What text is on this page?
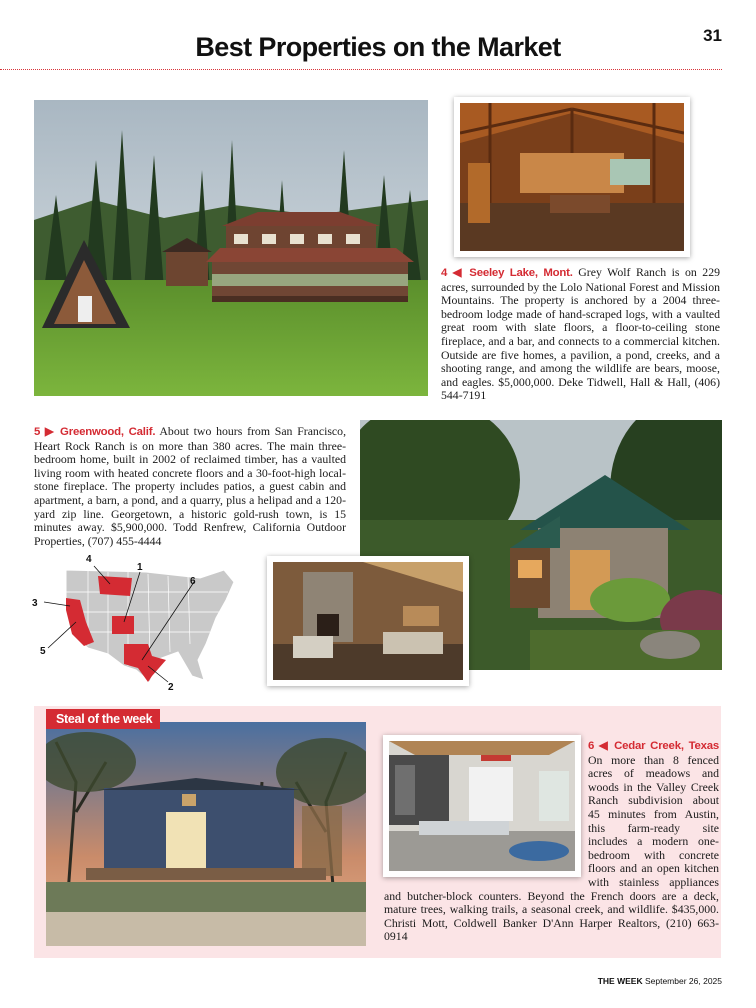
Best Properties on the Market	31
4 ◀ Seeley Lake, Mont. Grey Wolf Ranch is on 229 acres, surrounded by the Lolo National Forest and Mission Mountains. The property is anchored by a 2004 three-bedroom lodge made of hand-scraped logs, with a vaulted great room with slate floors, a floor-to-ceiling stone fireplace, and a bar, and connects to a commercial kitchen. Outside are five homes, a pavilion, a pond, creeks, and a shooting range, and among the wildlife are bears, moose, and eagles. $5,000,000. Deke Tidwell, Hall & Hall, (406) 544-7191
5 ▶ Greenwood, Calif. About two hours from San Francisco, Heart Rock Ranch is on more than 380 acres. The main three-bedroom home, built in 2002 of reclaimed timber, has a vaulted living room with heated concrete floors and a 30-foot-high local-stone fireplace. The property includes patios, a guest cabin and apartment, a barn, a pond, and a quarry, plus a helipad and a 120-yard zip line. Georgetown, a historic gold-rush town, is 15 minutes away. $5,900,000. Todd Renfrew, California Outdoor Properties, (707) 455-4444
4
1
6
3
5
2
Steal of the week
6 ◀ Cedar Creek, Texas On more than 8 fenced acres of meadows and woods in the Valley Creek Ranch subdivision about 45 minutes from Austin, this farm-ready site includes a modern one-bedroom with concrete floors and an open kitchen with stainless appliances and butcher-block counters. Beyond the French doors are a deck, mature trees, walking trails, a seasonal creek, and wildlife. $435,000. Christi Mott, Coldwell Banker D'Ann Harper Realtors, (210) 663-0914
THE WEEK September 26, 2025
